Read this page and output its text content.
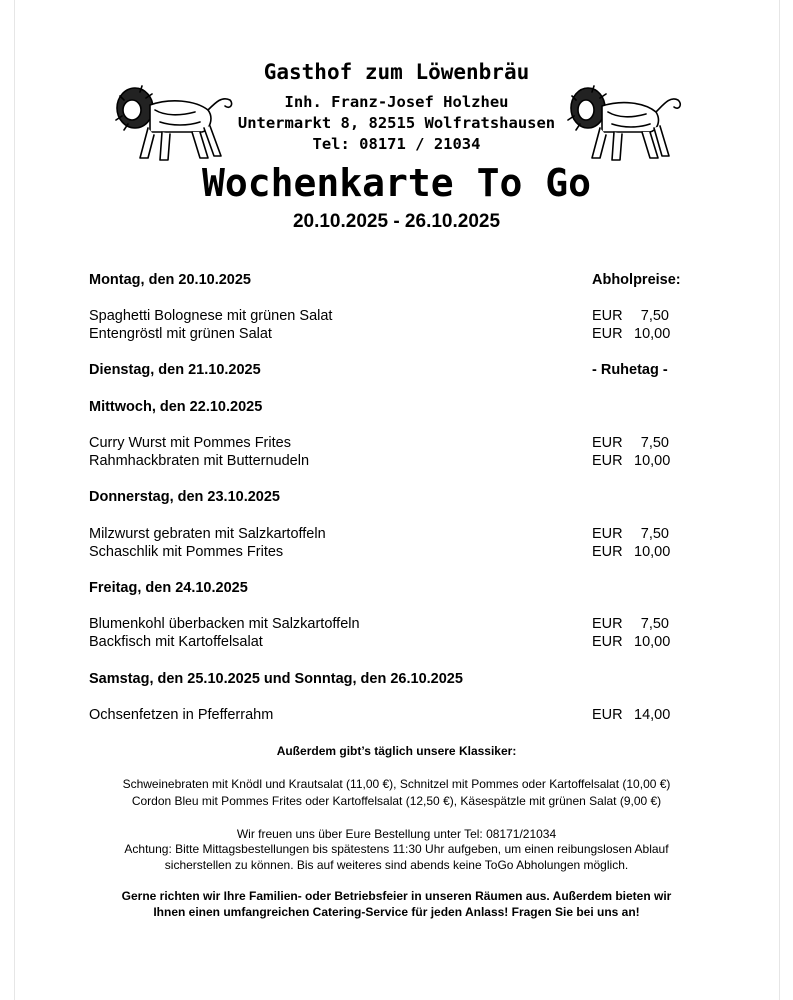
Gasthof zum Löwenbräu
Inh. Franz-Josef Holzheu
Untermarkt 8, 82515 Wolfratshausen
Tel: 08171 / 21034
Wochenkarte To Go
20.10.2025 - 26.10.2025
Montag, den 20.10.2025	Abholpreise:
Spaghetti Bolognese mit grünen Salat	EUR 7,50
Entengröstl mit grünen Salat	EUR 10,00
Dienstag, den 21.10.2025	- Ruhetag -
Mittwoch, den 22.10.2025
Curry Wurst mit Pommes Frites	EUR 7,50
Rahmhackbraten mit Butternudeln	EUR 10,00
Donnerstag, den 23.10.2025
Milzwurst gebraten mit Salzkartoffeln	EUR 7,50
Schaschlik mit Pommes Frites	EUR 10,00
Freitag, den 24.10.2025
Blumenkohl überbacken mit Salzkartoffeln	EUR 7,50
Backfisch mit Kartoffelsalat	EUR 10,00
Samstag, den 25.10.2025 und Sonntag, den 26.10.2025
Ochsenfetzen in Pfefferrahm	EUR 14,00
Außerdem gibt’s täglich unsere Klassiker:
Schweinebraten mit Knödl und Krautsalat (11,00 €), Schnitzel mit Pommes oder Kartoffelsalat (10,00 €)
Cordon Bleu mit Pommes Frites oder Kartoffelsalat (12,50 €), Käsespätzle mit grünen Salat (9,00 €)
Wir freuen uns über Eure Bestellung unter Tel: 08171/21034
Achtung: Bitte Mittagsbestellungen bis spätestens 11:30 Uhr aufgeben, um einen reibungslosen Ablauf
sicherstellen zu können. Bis auf weiteres sind abends keine ToGo Abholungen möglich.
Gerne richten wir Ihre Familien- oder Betriebsfeier in unseren Räumen aus. Außerdem bieten wir
Ihnen einen umfangreichen Catering-Service für jeden Anlass! Fragen Sie bei uns an!
